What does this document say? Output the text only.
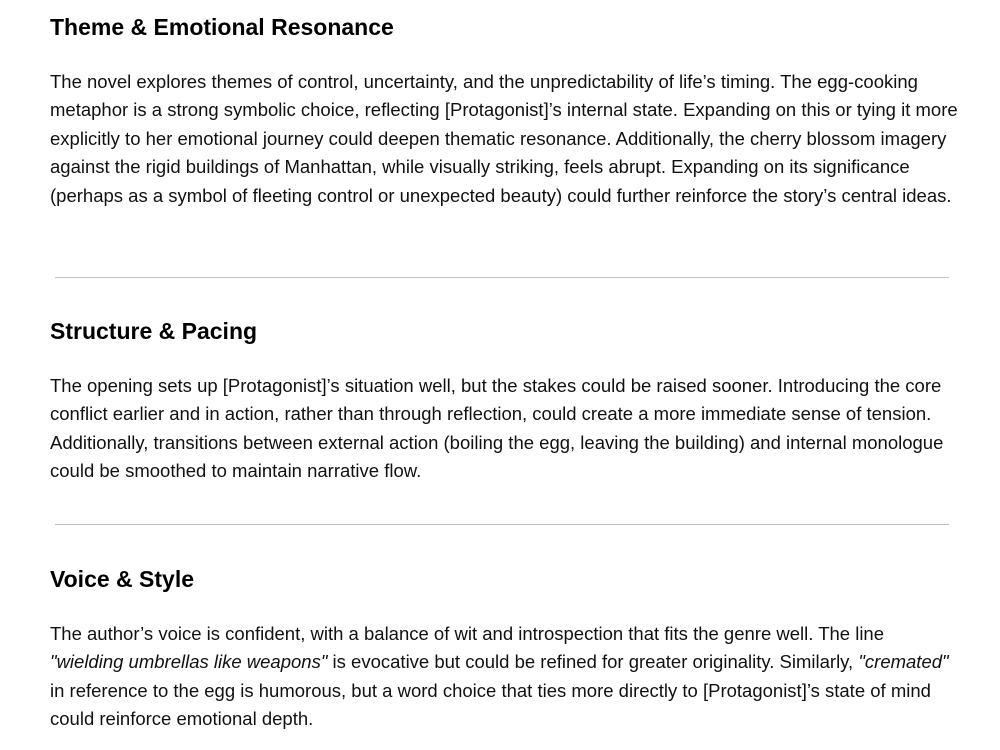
Theme & Emotional Resonance

The novel explores themes of control, uncertainty, and the unpredictability of life’s timing. The egg-cooking metaphor is a strong symbolic choice, reflecting [Protagonist]’s internal state. Expanding on this or tying it more explicitly to her emotional journey could deepen thematic resonance. Additionally, the cherry blossom imagery against the rigid buildings of Manhattan, while visually striking, feels abrupt. Expanding on its significance (perhaps as a symbol of fleeting control or unexpected beauty) could further reinforce the story’s central ideas.

Structure & Pacing

The opening sets up [Protagonist]’s situation well, but the stakes could be raised sooner. Introducing the core conflict earlier and in action, rather than through reflection, could create a more immediate sense of tension. Additionally, transitions between external action (boiling the egg, leaving the building) and internal monologue could be smoothed to maintain narrative flow.

Voice & Style

The author’s voice is confident, with a balance of wit and introspection that fits the genre well. The line "wielding umbrellas like weapons" is evocative but could be refined for greater originality. Similarly, "cremated" in reference to the egg is humorous, but a word choice that ties more directly to [Protagonist]’s state of mind could reinforce emotional depth.
